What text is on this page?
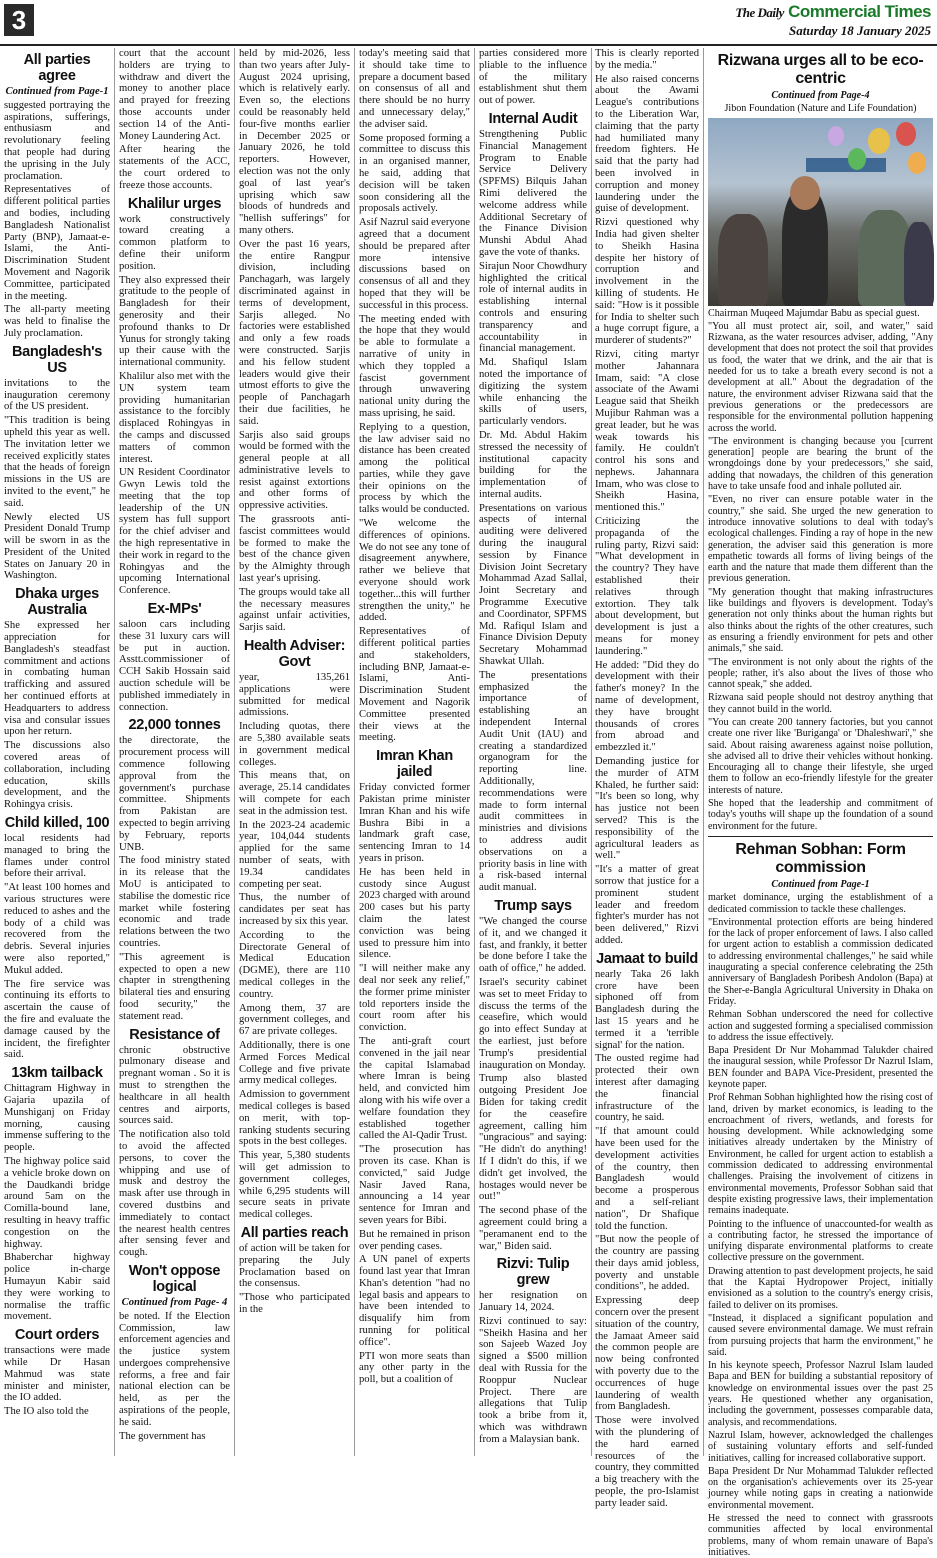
3	The Daily Commercial Times
Saturday 18 January 2025
All parties agree
Continued from Page-1

suggested portraying the aspirations, sufferings, enthusiasm and revolutionary feeling that people had during the uprising in the July proclamation.

Representatives of different political parties and bodies, including Bangladesh Nationalist Party (BNP), Jamaat-e-Islami, the Anti-Discrimination Student Movement and Nagorik Committee, participated in the meeting.

The all-party meeting was held to finalise the July proclamation.

Bangladesh's US

invitations to the inauguration ceremony of the US president.

"This tradition is being upheld this year as well. The invitation letter we received explicitly states that the heads of foreign missions in the US are invited to the event," he said.

Newly elected US President Donald Trump will be sworn in as the President of the United States on January 20 in Washington.

Dhaka urges Australia

She expressed her appreciation for Bangladesh's steadfast commitment and actions in combating human trafficking and assured her continued efforts at Headquarters to address visa and consular issues upon her return.

The discussions also covered areas of collaboration, including education, skills development, and the Rohingya crisis.

Child killed, 100

local residents had managed to bring the flames under control before their arrival.

"At least 100 homes and various structures were reduced to ashes and the body of a child was recovered from the debris. Several injuries were also reported," Mukul added.

The fire service was continuing its efforts to ascertain the cause of the fire and evaluate the damage caused by the incident, the firefighter said.

13km tailback

Chittagram Highway in Gajaria upazila of Munshiganj on Friday morning, causing immense suffering to the people.

The highway police said a vehicle broke down on the Daudkandi bridge around 5am on the Comilla-bound lane, resulting in heavy traffic congestion on the highway.

Bhaberchar highway police in-charge Humayun Kabir said they were working to normalise the traffic movement.

Court orders

transactions were made while Dr Hasan Mahmud was state minister and minister, the IO added.

The IO also told the

court that the account holders are trying to withdraw and divert the money to another place and prayed for freezing those accounts under section 14 of the Anti-Money Laundering Act.

After hearing the statements of the ACC, the court ordered to freeze those accounts.

Khalilur urges

work constructively toward creating a common platform to define their uniform position.

They also expressed their gratitude to the people of Bangladesh for their generosity and their profound thanks to Dr Yunus for strongly taking up their cause with the international community.

Khalilur also met with the UN system team providing humanitarian assistance to the forcibly displaced Rohingyas in the camps and discussed matters of common interest.

UN Resident Coordinator Gwyn Lewis told the meeting that the top leadership of the UN system has full support for the chief adviser and the high representative in their work in regard to the Rohingyas and the upcoming International Conference.

Ex-MPs'

saloon cars including these 31 luxury cars will be put in auction. Asstt.commissioner of CCH Sakib Hossain said auction schedule will be published immediately in connection.

22,000 tonnes

the directorate, the procurement process will commence following approval from the government's purchase committee. Shipments from Pakistan are expected to begin arriving by February, reports UNB.

The food ministry stated in its release that the MoU is anticipated to stabilise the domestic rice market while fostering economic and trade relations between the two countries.

"This agreement is expected to open a new chapter in strengthening bilateral ties and ensuring food security," the statement read.

Resistance of

chronic obstructive pulmonary disease and pregnant woman . So it is must to strengthen the healthcare in all health centres and airports, sources said.

The notification also told to avoid the affected persons, to cover the whipping and use of musk and destroy the mask after use through in covered dustbins and immediately to contact the nearest health centres after sensing fever and cough.

Won't oppose logical
Continued from Page- 4

be noted. If the Election Commission, law enforcement agencies and the justice system undergoes comprehensive reforms, a free and fair national election can be held, as per the aspirations of the people, he said.

The government has

held by mid-2026, less than two years after July-August 2024 uprising, which is relatively early. Even so, the elections could be reasonably held four-five months earlier in December 2025 or January 2026, he told reporters. However, election was not the only goal of last year's uprising which saw bloods of hundreds and "hellish sufferings" for many others.

Over the past 16 years, the entire Rangpur division, including Panchagarh, was largely discriminated against in terms of development, Sarjis alleged. No factories were established and only a few roads were constructed. Sarjis and his fellow student leaders would give their utmost efforts to give the people of Panchagarh their due facilities, he said.

Sarjis also said groups would be formed with the general people at all administrative levels to resist against extortions and other forms of oppressive activities.

The grassroots anti-fascist committees would be formed to make the best of the chance given by the Almighty through last year's uprising.

The groups would take all the necessary measures against unfair activities, Sarjis said.

Health Adviser: Govt

year, 135,261 applications were submitted for medical admissions.

Including quotas, there are 5,380 available seats in government medical colleges.

This means that, on average, 25.14 candidates will compete for each seat in the admission test.

In the 2023-24 academic year, 104,044 students applied for the same number of seats, with 19.34 candidates competing per seat.

Thus, the number of candidates per seat has increased by six this year.

According to the Directorate General of Medical Education (DGME), there are 110 medical colleges in the country.

Among them, 37 are government colleges, and 67 are private colleges.

Additionally, there is one Armed Forces Medical College and five private army medical colleges.

Admission to government medical colleges is based on merit, with top-ranking students securing spots in the best colleges.

This year, 5,380 students will get admission to government colleges, while 6,295 students will secure seats in private medical colleges.

All parties reach

of action will be taken for preparing the July Proclamation based on the consensus.

"Those who participated in the

today's meeting said that it should take time to prepare a document based on consensus of all and there should be no hurry and unnecessary delay," the adviser said.

Some proposed forming a committee to discuss this in an organised manner, he said, adding that decision will be taken soon considering all the proposals actively.

Asif Nazrul said everyone agreed that a document should be prepared after more intensive discussions based on consensus of all and they hoped that they will be successful in this process.

The meeting ended with the hope that they would be able to formulate a narrative of unity in which they toppled a fascist government through unwavering national unity during the mass uprising, he said.

Replying to a question, the law adviser said no distance has been created among the political parties, while they gave their opinions on the process by which the talks would be conducted.

"We welcome the differences of opinions. We do not see any tone of disagreement anywhere, rather we believe that everyone should work together...this will further strengthen the unity," he added.

Representatives of different political parties and stakeholders, including BNP, Jamaat-e-Islami, Anti-Discrimination Student Movement and Nagorik Committee presented their views at the meeting.

Imran Khan jailed

Friday convicted former Pakistan prime minister Imran Khan and his wife Bushra Bibi in a landmark graft case, sentencing Imran to 14 years in prison.

He has been held in custody since August 2023 charged with around 200 cases but his party claim the latest conviction was being used to pressure him into silence.

"I will neither make any deal nor seek any relief," the former prime minister told reporters inside the court room after his conviction.

The anti-graft court convened in the jail near the capital Islamabad where Imran is being held, and convicted him along with his wife over a welfare foundation they established together called the Al-Qadir Trust.

"The prosecution has proven its case. Khan is convicted," said Judge Nasir Javed Rana, announcing a 14 year sentence for Imran and seven years for Bibi.

But he remained in prison over pending cases.

A UN panel of experts found last year that Imran Khan's detention "had no legal basis and appears to have been intended to disqualify him from running for political office".

PTI won more seats than any other party in the poll, but a coalition of

parties considered more pliable to the influence of the military establishment shut them out of power.

Internal Audit

Strengthening Public Financial Management Program to Enable Service Delivery (SPFMS) Bilquis Jahan Rimi delivered the welcome address while Additional Secretary of the Finance Division Munshi Abdul Ahad gave the vote of thanks.

Sirajun Noor Chowdhury highlighted the critical role of internal audits in establishing internal controls and ensuring transparency and accountability in financial management.

Md. Shafiqul Islam noted the importance of digitizing the system while enhancing the skills of users, particularly vendors.

Dr. Md. Abdul Hakim stressed the necessity of institutional capacity building for the implementation of internal audits.

Presentations on various aspects of internal auditing were delivered during the inaugural session by Finance Division Joint Secretary Mohammad Azad Sallal, Joint Secretary and Programme Executive and Coordinator, SPFMS Md. Rafiqul Islam and Finance Division Deputy Secretary Mohammad Shawkat Ullah.

The presentations emphasized the importance of establishing an independent Internal Audit Unit (IAU) and creating a standardized organogram for the reporting line. Additionally, recommendations were made to form internal audit committees in ministries and divisions to address audit observations on a priority basis in line with a risk-based internal audit manual.

Trump says

"We changed the course of it, and we changed it fast, and frankly, it better be done before I take the oath of office," he added.

Israel's security cabinet was set to meet Friday to discuss the terms of the ceasefire, which would go into effect Sunday at the earliest, just before Trump's presidential inauguration on Monday.

Trump also blasted outgoing President Joe Biden for taking credit for the ceasefire agreement, calling him "ungracious" and saying: "He didn't do anything! If I didn't do this, if we didn't get involved, the hostages would never be out!"

The second phase of the agreement could bring a "peramanent end to the war," Biden said.

Rizvi: Tulip grew

her resignation on January 14, 2024.

Rizvi continued to say: "Sheikh Hasina and her son Sajeeb Wazed Joy signed a $500 million deal with Russia for the Rooppur Nuclear Project. There are allegations that Tulip took a bribe from it, which was withdrawn from a Malaysian bank.

This is clearly reported by the media."

He also raised concerns about the Awami League's contributions to the Liberation War, claiming that the party had humiliated many freedom fighters. He said that the party had been involved in corruption and money laundering under the guise of development.

Rizvi questioned why India had given shelter to Sheikh Hasina despite her history of corruption and involvement in the killing of students. He said: "How is it possible for India to shelter such a huge corrupt figure, a murderer of students?"

Rizvi, citing martyr mother Jahannara Imam, said: "A close associate of the Awami League said that Sheikh Mujibur Rahman was a great leader, but he was weak towards his family. He couldn't control his sons and nephews. Jahannara Imam, who was close to Sheikh Hasina, mentioned this."

Criticizing the propaganda of the ruling party, Rizvi said: "What development in the country? They have established their relatives through extortion. They talk about development, but development is just a means for money laundering."

He added: "Did they do development with their father's money? In the name of development, they have brought thousands of crores from abroad and embezzled it."

Demanding justice for the murder of ATM Khaled, he further said: "It's been so long, why has justice not been served? This is the responsibility of the agricultural leaders as well."

"It's a matter of great sorrow that justice for a prominent student leader and freedom fighter's murder has not been delivered," Rizvi added.

Jamaat to build

nearly Taka 26 lakh crore have been siphoned off from Bangladesh during the last 15 years and he termed it a 'terrible signal' for the nation.

The ousted regime had protected their own interest after damaging the financial infrastructure of the country, he said.

"If that amount could have been used for the development activities of the country, then Bangladesh would become a prosperous and a self-reliant nation", Dr Shafique told the function.

"But now the people of the country are passing their days amid jobless, poverty and unstable conditions", he added.

Expressing deep concern over the present situation of the country, the Jamaat Ameer said the common people are now being confronted with poverty due to the occurrences of huge laundering of wealth from Bangladesh.

Those were involved with the plundering of the hard earned resources of the country, they committed a big treachery with the people, the pro-Islamist party leader said.

Rizwana urges all to be eco-centric
Continued from Page-4

Jibon Foundation (Nature and Life Foundation)

Chairman Muqeed Majumdar Babu as special guest.

"You all must protect air, soil, and water," said Rizwana, as the water resources adviser, adding, "Any development that does not protect the soil that provides us food, the water that we drink, and the air that is needed for us to take a breath every second is not a development at all." About the degradation of the nature, the environment adviser Rizwana said that the previous generations or the predecessors are responsible for the environmental pollution happening across the world.

"The environment is changing because you [current generation] people are bearing the brunt of the wrongdoings done by your predecessors," she said, adding that nowadays, the children of this generation have to take unsafe food and inhale polluted air.

"Even, no river can ensure potable water in the country," she said. She urged the new generation to introduce innovative solutions to deal with today's ecological challenges. Finding a ray of hope in the new generation, the adviser said this generation is more empathetic towards all forms of living beings of the earth and the nature that made them different than the previous generation.

"My generation thought that making infrastructures like buildings and flyovers is development. Today's generation not only thinks about the human rights but also thinks about the rights of the other creatures, such as ensuring a friendly environment for pets and other animals," she said.

"The environment is not only about the rights of the people; rather, it's also about the lives of those who cannot speak," she added.

Rizwana said people should not destroy anything that they cannot build in the world.

"You can create 200 tannery factories, but you cannot create one river like 'Buriganga' or 'Dhaleshwari'," she said. About raising awareness against noise pollution, she advised all to drive their vehicles without honking. Encouraging all to change their lifestyle, she urged them to follow an eco-friendly lifestyle for the greater interests of nature.

She hoped that the leadership and commitment of today's youths will shape up the foundation of a sound environment for the future.

Rehman Sobhan: Form commission
Continued from Page-1

market dominance, urging the establishment of a dedicated commission to tackle these challenges.

"Environmental protection efforts are being hindered for the lack of proper enforcement of laws. I also called for urgent action to establish a commission dedicated to addressing environmental challenges," he said while inaugurating a special conference celebrating the 25th anniversary of Bangladesh Poribesh Andolon (Bapa) at the Sher-e-Bangla Agricultural University in Dhaka on Friday.

Rehman Sobhan underscored the need for collective action and suggested forming a specialised commission to address the issue effectively.

Bapa President Dr Nur Mohammad Talukder chaired the inaugural session, while Professor Dr Nazrul Islam, BEN founder and BAPA Vice-President, presented the keynote paper.

Prof Rehman Sobhan highlighted how the rising cost of land, driven by market economics, is leading to the encroachment of rivers, wetlands, and forests for housing development. While acknowledging some initiatives already undertaken by the Ministry of Environment, he called for urgent action to establish a commission dedicated to addressing environmental challenges. Praising the involvement of citizens in environmental movements, Professor Sobhan said that despite existing progressive laws, their implementation remains inadequate.

Pointing to the influence of unaccounted-for wealth as a contributing factor, he stressed the importance of unifying disparate environmental platforms to create collective pressure on the government.

Drawing attention to past development projects, he said that the Kaptai Hydropower Project, initially envisioned as a solution to the country's energy crisis, failed to deliver on its promises.

"Instead, it displaced a significant population and caused severe environmental damage. We must refrain from pursuing projects that harm the environment," he said.

In his keynote speech, Professor Nazrul Islam lauded Bapa and BEN for building a substantial repository of knowledge on environmental issues over the past 25 years. He questioned whether any organisation, including the government, possesses comparable data, analysis, and recommendations.

Nazrul Islam, however, acknowledged the challenges of sustaining voluntary efforts and self-funded initiatives, calling for increased collaborative support.

Bapa President Dr Nur Mohammad Talukder reflected on the organisation's achievements over its 25-year journey while noting gaps in creating a nationwide environmental movement.

He stressed the need to connect with grassroots communities affected by local environmental problems, many of whom remain unaware of Bapa's initiatives.
